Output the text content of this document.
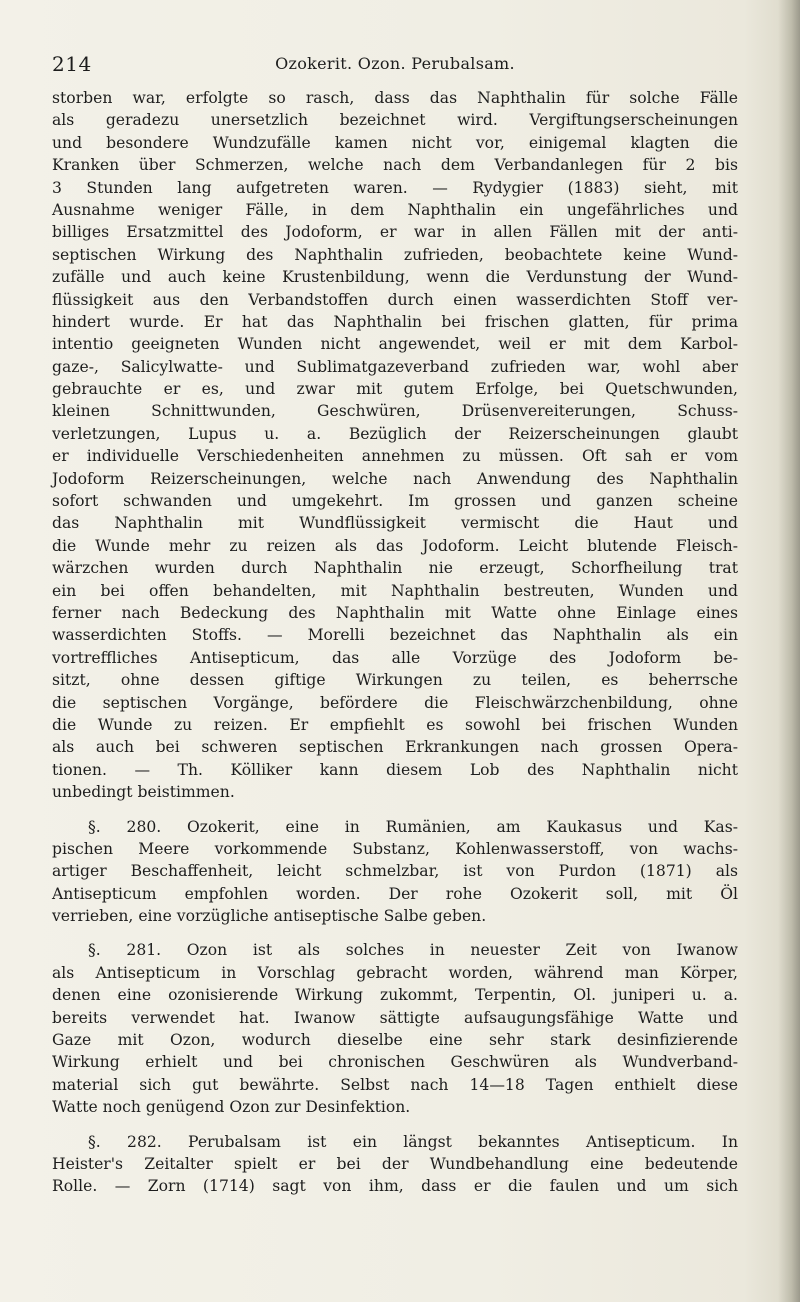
214	Ozokerit. Ozon. Perubalsam.
storben war, erfolgte so rasch, dass das Naphthalin für solche Fälle
als geradezu unersetzlich bezeichnet wird. Vergiftungserscheinungen
und besondere Wundzufälle kamen nicht vor, einigemal klagten die
Kranken über Schmerzen, welche nach dem Verbandanlegen für 2 bis
3 Stunden lang aufgetreten waren. — Rydygier (1883) sieht, mit
Ausnahme weniger Fälle, in dem Naphthalin ein ungefährliches und
billiges Ersatzmittel des Jodoform, er war in allen Fällen mit der anti-
septischen Wirkung des Naphthalin zufrieden, beobachtete keine Wund-
zufälle und auch keine Krustenbildung, wenn die Verdunstung der Wund-
flüssigkeit aus den Verbandstoffen durch einen wasserdichten Stoff ver-
hindert wurde. Er hat das Naphthalin bei frischen glatten, für prima
intentio geeigneten Wunden nicht angewendet, weil er mit dem Karbol-
gaze-, Salicylwatte- und Sublimatgazeverband zufrieden war, wohl aber
gebrauchte er es, und zwar mit gutem Erfolge, bei Quetschwunden,
kleinen Schnittwunden, Geschwüren, Drüsenvereiterungen, Schuss-
verletzungen, Lupus u. a. Bezüglich der Reizerscheinungen glaubt
er individuelle Verschiedenheiten annehmen zu müssen. Oft sah er vom
Jodoform Reizerscheinungen, welche nach Anwendung des Naphthalin
sofort schwanden und umgekehrt. Im grossen und ganzen scheine
das Naphthalin mit Wundflüssigkeit vermischt die Haut und
die Wunde mehr zu reizen als das Jodoform. Leicht blutende Fleisch-
wärzchen wurden durch Naphthalin nie erzeugt, Schorfheilung trat
ein bei offen behandelten, mit Naphthalin bestreuten, Wunden und
ferner nach Bedeckung des Naphthalin mit Watte ohne Einlage eines
wasserdichten Stoffs. — Morelli bezeichnet das Naphthalin als ein
vortreffliches Antisepticum, das alle Vorzüge des Jodoform be-
sitzt, ohne dessen giftige Wirkungen zu teilen, es beherrsche
die septischen Vorgänge, befördere die Fleischwärzchenbildung, ohne
die Wunde zu reizen. Er empfiehlt es sowohl bei frischen Wunden
als auch bei schweren septischen Erkrankungen nach grossen Opera-
tionen. — Th. Kölliker kann diesem Lob des Naphthalin nicht
unbedingt beistimmen.
§. 280. Ozokerit, eine in Rumänien, am Kaukasus und Kas-
pischen Meere vorkommende Substanz, Kohlenwasserstoff, von wachs-
artiger Beschaffenheit, leicht schmelzbar, ist von Purdon (1871) als
Antisepticum empfohlen worden. Der rohe Ozokerit soll, mit Öl
verrieben, eine vorzügliche antiseptische Salbe geben.
§. 281. Ozon ist als solches in neuester Zeit von Iwanow
als Antisepticum in Vorschlag gebracht worden, während man Körper,
denen eine ozonisierende Wirkung zukommt, Terpentin, Ol. juniperi u. a.
bereits verwendet hat. Iwanow sättigte aufsaugungsfähige Watte und
Gaze mit Ozon, wodurch dieselbe eine sehr stark desinfizierende
Wirkung erhielt und bei chronischen Geschwüren als Wundverband-
material sich gut bewährte. Selbst nach 14—18 Tagen enthielt diese
Watte noch genügend Ozon zur Desinfektion.
§. 282. Perubalsam ist ein längst bekanntes Antisepticum. In
Heister's Zeitalter spielt er bei der Wundbehandlung eine bedeutende
Rolle. — Zorn (1714) sagt von ihm, dass er die faulen und um sich
